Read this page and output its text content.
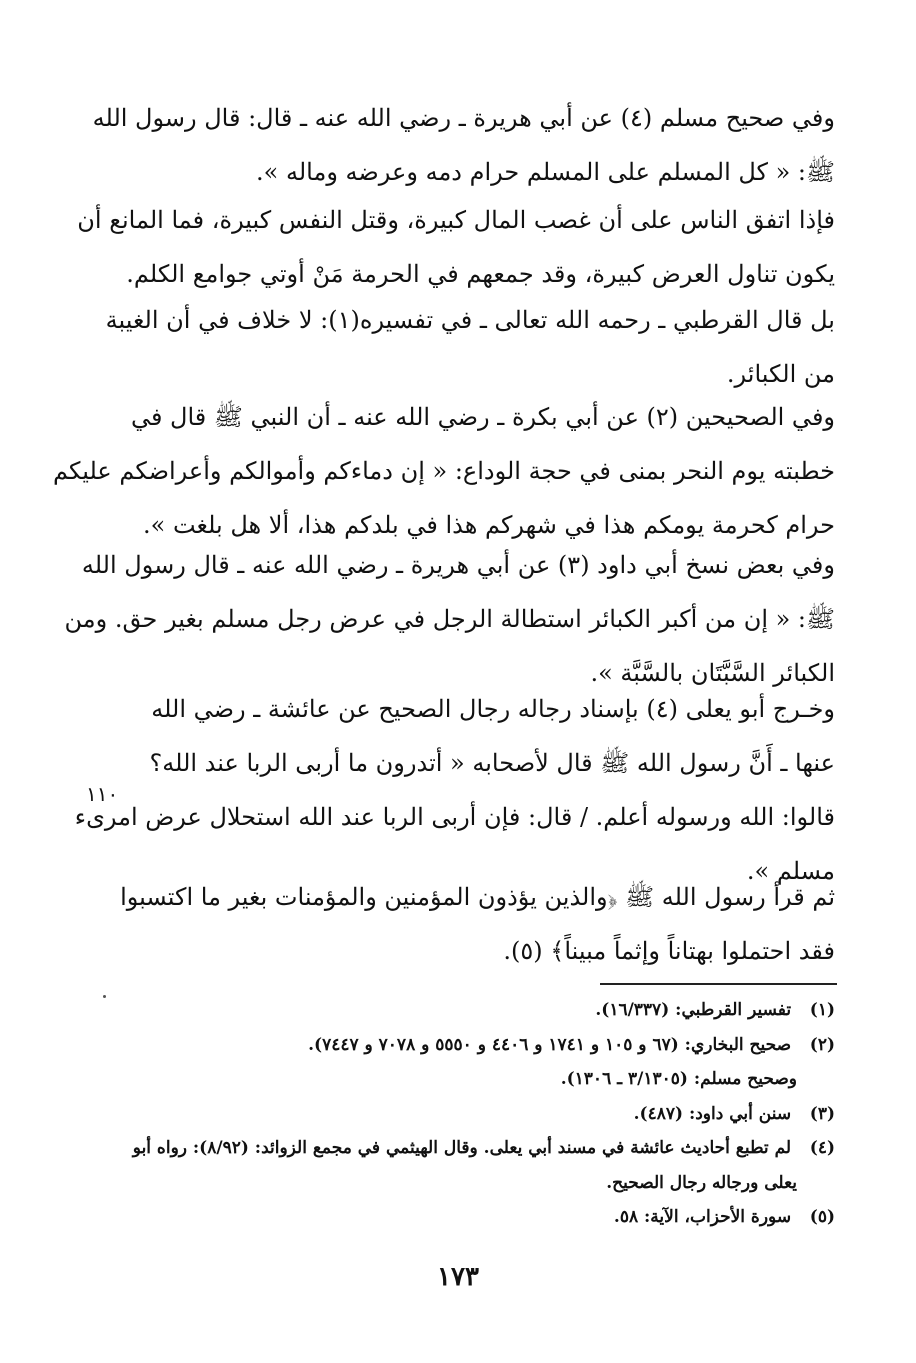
وفي صحيح مسلم (٤) عن أبي هريرة ـ رضي الله عنه ـ قال: قال رسول الله
ﷺ: « كل المسلم على المسلم حرام دمه وعرضه وماله ».
فإذا اتفق الناس على أن غصب المال كبيرة، وقتل النفس كبيرة، فما المانع أن
يكون تناول العرض كبيرة، وقد جمعهم في الحرمة مَنْ أوتي جوامع الكلم.
بل قال القرطبي ـ رحمه الله تعالى ـ في تفسيره(١): لا خلاف في أن الغيبة
من الكبائر.
وفي الصحيحين (٢) عن أبي بكرة ـ رضي الله عنه ـ أن النبي ﷺ قال في
خطبته يوم النحر بمنى في حجة الوداع: « إن دماءكم وأموالكم وأعراضكم عليكم
حرام كحرمة يومكم هذا في شهركم هذا في بلدكم هذا، ألا هل بلغت ».
وفي بعض نسخ أبي داود (٣) عن أبي هريرة ـ رضي الله عنه ـ قال رسول الله
ﷺ: « إن من أكبر الكبائر استطالة الرجل في عرض رجل مسلم بغير حق. ومن
الكبائر السَّبَّتَان بالسَّبَّة ».
وخـرج أبو يعلى (٤) بإسناد رجاله رجال الصحيح عن عائشة ـ رضي الله
عنها ـ أَنَّ رسول الله ﷺ قال لأصحابه « أتدرون ما أربى الربا عند الله؟
قالوا: الله ورسوله أعلم. / قال: فإن أربى الربا عند الله استحلال عرض امرىء
مسلم ».
١١٠
ثم قرأ رسول الله ﷺ ﴿والذين يؤذون المؤمنين والمؤمنات بغير ما اكتسبوا
فقد احتملوا بهتاناً وإثماً مبيناً﴾ (٥).
(١) تفسير القرطبي: (١٦/٣٣٧).
(٢) صحيح البخاري: (٦٧ و ١٠٥ و ١٧٤١ و ٤٤٠٦ و ٥٥٥٠ و ٧٠٧٨ و ٧٤٤٧).
وصحيح مسلم: (٣/١٣٠٥ ـ ١٣٠٦).
(٣) سنن أبي داود: (٤٨٧).
(٤) لم تطبع أحاديث عائشة في مسند أبي يعلى. وقال الهيثمي في مجمع الزوائد: (٨/٩٢): رواه أبو
يعلى ورجاله رجال الصحيح.
(٥) سورة الأحزاب، الآية: ٥٨.
١٧٣
